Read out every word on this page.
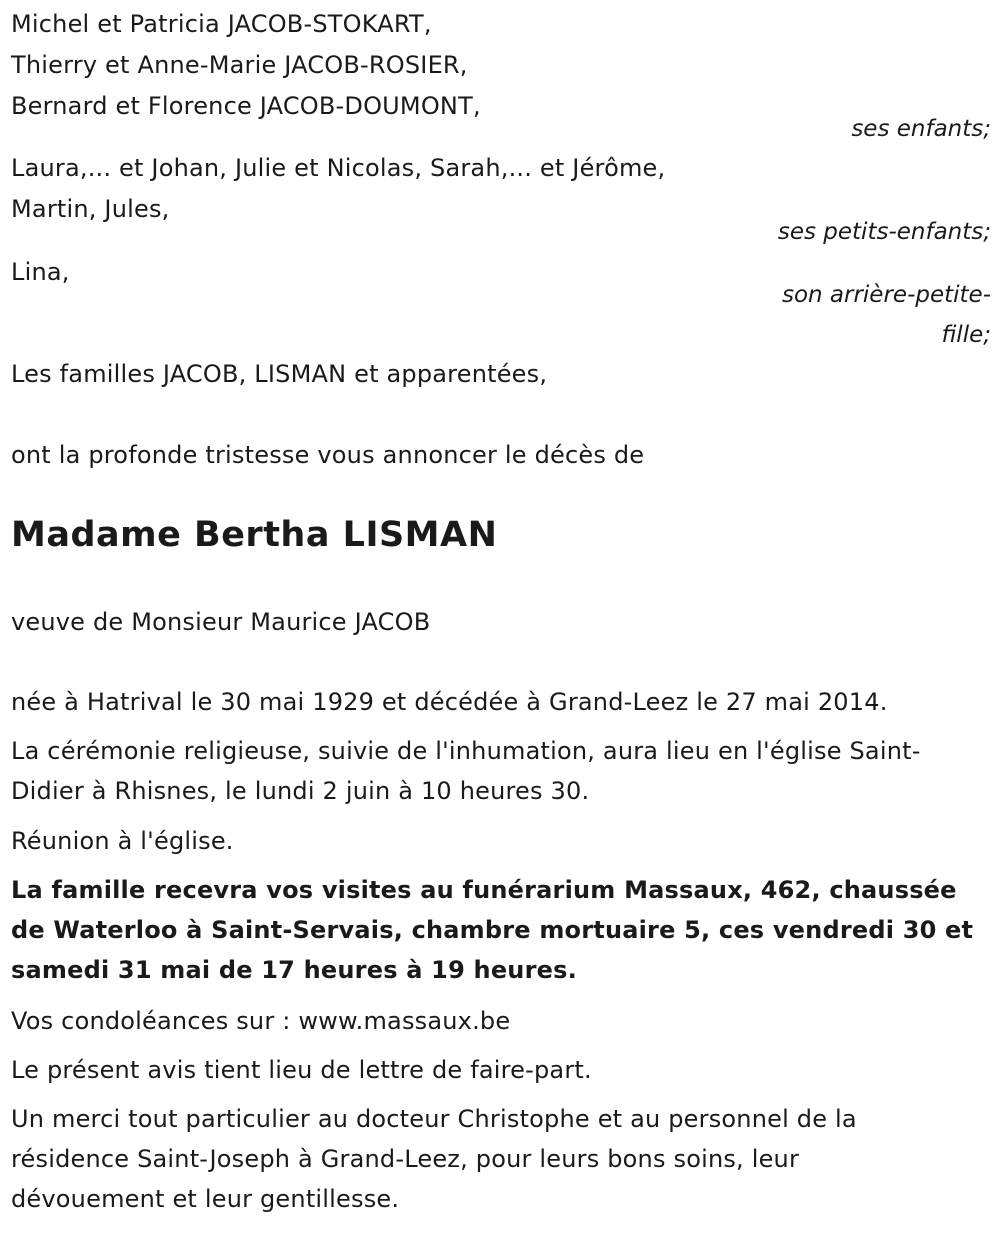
Michel et Patricia JACOB-STOKART,
Thierry et Anne-Marie JACOB-ROSIER,
Bernard et Florence JACOB-DOUMONT,
ses enfants;
Laura,... et Johan, Julie et Nicolas, Sarah,... et Jérôme,
Martin, Jules,
ses petits-enfants;
Lina,
son arrière-petite-
fille;
Les familles JACOB, LISMAN et apparentées,
ont la profonde tristesse vous annoncer le décès de
Madame Bertha LISMAN
veuve de Monsieur Maurice JACOB
née à Hatrival le 30 mai 1929 et décédée à Grand-Leez le 27 mai 2014.
La cérémonie religieuse, suivie de l'inhumation, aura lieu en l'église Saint-
Didier à Rhisnes, le lundi 2 juin à 10 heures 30.
Réunion à l'église.
La famille recevra vos visites au funérarium Massaux, 462, chaussée
de Waterloo à Saint-Servais, chambre mortuaire 5, ces vendredi 30 et
samedi 31 mai de 17 heures à 19 heures.
Vos condoléances sur : www.massaux.be
Le présent avis tient lieu de lettre de faire-part.
Un merci tout particulier au docteur Christophe et au personnel de la
résidence Saint-Joseph à Grand-Leez, pour leurs bons soins, leur
dévouement et leur gentillesse.
